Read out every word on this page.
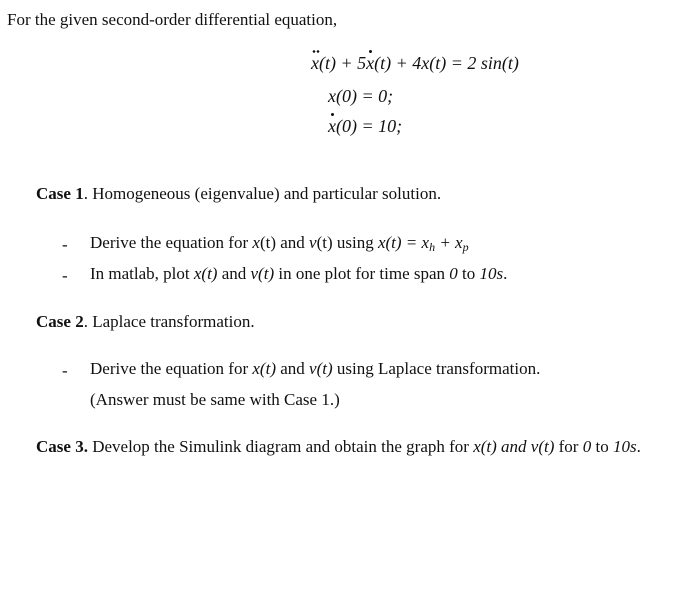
For the given second-order differential equation,
x(t) + 5x(t) + 4x(t) = 2 sin(t)
x(0) = 0;
x(0) = 10;
Case 1. Homogeneous (eigenvalue) and particular solution.
- Derive the equation for x(t) and v(t) using $x(t) = x_h + x_p$
- In matlab, plot x(t) and v(t) in one plot for time span 0 to 10s.
Case 2. Laplace transformation.
- Derive the equation for x(t) and v(t) using Laplace transformation.
(Answer must be same with Case 1.)
Case 3. Develop the Simulink diagram and obtain the graph for x(t) and v(t) for 0 to 10s.
